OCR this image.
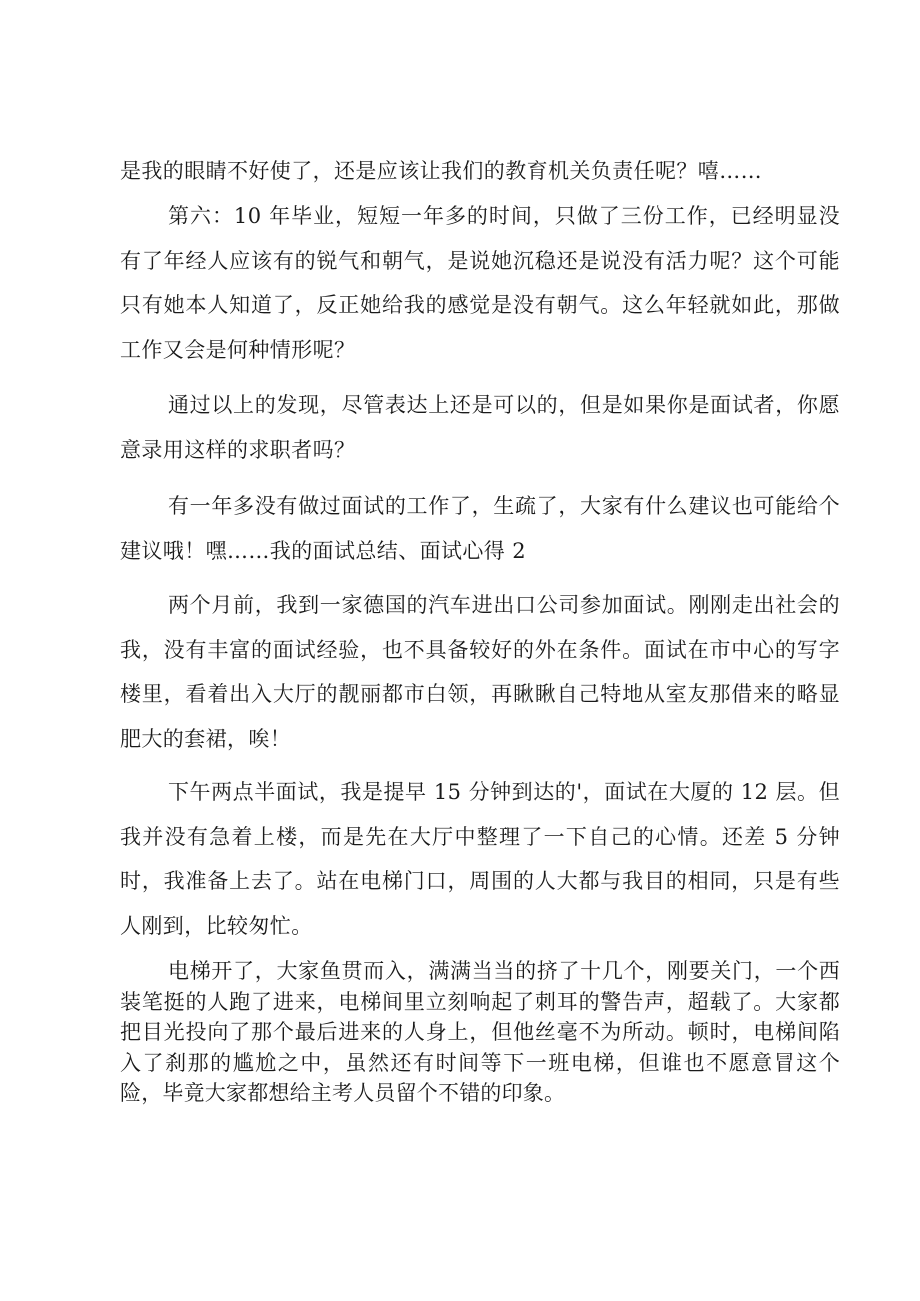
是我的眼睛不好使了，还是应该让我们的教育机关负责任呢？嘻……

第六：10 年毕业，短短一年多的时间，只做了三份工作，已经明显没有了年经人应该有的锐气和朝气，是说她沉稳还是说没有活力呢？这个可能只有她本人知道了，反正她给我的感觉是没有朝气。这么年轻就如此，那做工作又会是何种情形呢？

通过以上的发现，尽管表达上还是可以的，但是如果你是面试者，你愿意录用这样的求职者吗？

有一年多没有做过面试的工作了，生疏了，大家有什么建议也可能给个建议哦！嘿……我的面试总结、面试心得 2

两个月前，我到一家德国的汽车进出口公司参加面试。刚刚走出社会的我，没有丰富的面试经验，也不具备较好的外在条件。面试在市中心的写字楼里，看着出入大厅的靓丽都市白领，再瞅瞅自己特地从室友那借来的略显肥大的套裙，唉！

下午两点半面试，我是提早 15 分钟到达的'，面试在大厦的 12 层。但我并没有急着上楼，而是先在大厅中整理了一下自己的心情。还差 5 分钟时，我准备上去了。站在电梯门口，周围的人大都与我目的相同，只是有些人刚到，比较匆忙。

电梯开了，大家鱼贯而入，满满当当的挤了十几个，刚要关门，一个西装笔挺的人跑了进来，电梯间里立刻响起了刺耳的警告声，超载了。大家都把目光投向了那个最后进来的人身上，但他丝毫不为所动。顿时，电梯间陷入了刹那的尴尬之中，虽然还有时间等下一班电梯，但谁也不愿意冒这个险，毕竟大家都想给主考人员留个不错的印象。
